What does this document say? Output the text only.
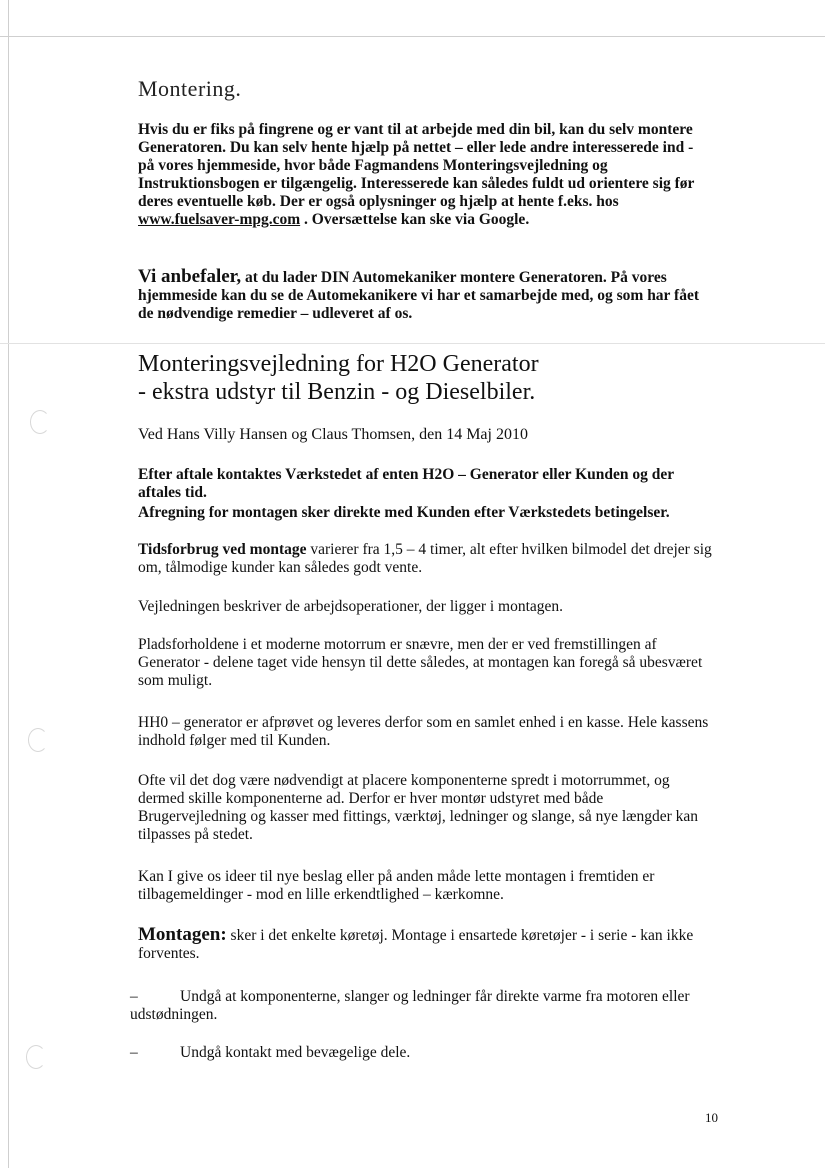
Montering.
Hvis du er fiks på fingrene og er vant til at arbejde med din bil, kan du selv montere Generatoren. Du kan selv hente hjælp på nettet – eller lede andre interesserede ind - på vores hjemmeside, hvor både Fagmandens Monteringsvejledning og Instruktionsbogen er tilgængelig. Interesserede kan således fuldt ud orientere sig før deres eventuelle køb. Der er også oplysninger og hjælp at hente f.eks. hos www.fuelsaver-mpg.com . Oversættelse kan ske via Google.
Vi anbefaler, at du lader DIN Automekaniker montere Generatoren. På vores hjemmeside kan du se de Automekanikere vi har et samarbejde med, og som har fået de nødvendige remedier – udleveret af os.
Monteringsvejledning for H2O Generator
- ekstra udstyr til Benzin - og Dieselbiler.
Ved Hans Villy Hansen og Claus Thomsen, den 14 Maj 2010
Efter aftale kontaktes Værkstedet af enten H2O – Generator eller Kunden og der aftales tid.
Afregning for montagen sker direkte med Kunden efter Værkstedets betingelser.
Tidsforbrug ved montage varierer fra 1,5 – 4 timer, alt efter hvilken bilmodel det drejer sig om, tålmodige kunder kan således godt vente.
Vejledningen beskriver de arbejdsoperationer, der ligger i montagen.
Pladsforholdene i et moderne motorrum er snævre, men der er ved fremstillingen af Generator - delene taget vide hensyn til dette således, at montagen kan foregå så ubesværet som muligt.
HH0 – generator er afprøvet og leveres derfor som en samlet enhed i en kasse. Hele kassens indhold følger med til Kunden.
Ofte vil det dog være nødvendigt at placere komponenterne spredt i motorrummet, og dermed skille komponenterne ad. Derfor er hver montør udstyret med både Brugervejledning og kasser med fittings, værktøj, ledninger og slange, så nye længder kan tilpasses på stedet.
Kan I give os ideer til nye beslag eller på anden måde lette montagen i fremtiden er tilbagemeldinger - mod en lille erkendtlighed – kærkomne.
Montagen: sker i det enkelte køretøj. Montage i ensartede køretøjer - i serie - kan ikke forventes.
–	Undgå at komponenterne, slanger og ledninger får direkte varme fra motoren eller udstødningen.
–	Undgå kontakt med bevægelige dele.
10
